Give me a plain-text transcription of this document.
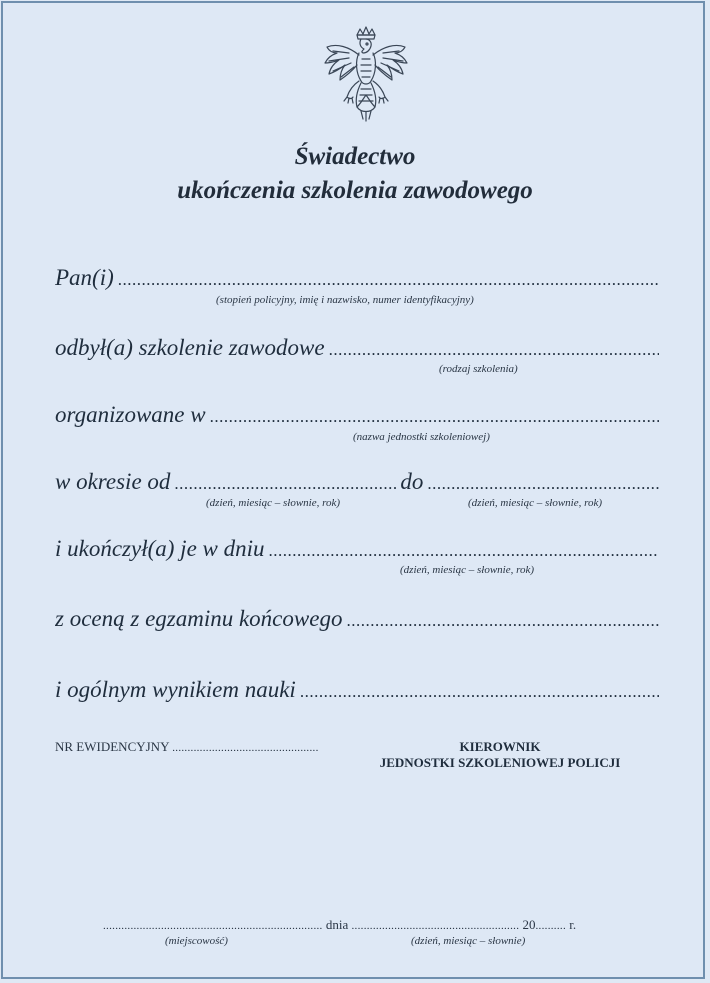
Świadectwo
ukończenia szkolenia zawodowego
Pan(i)
.....
(stopień policyjny, imię i nazwisko, numer identyfikacyjny)
odbył(a) szkolenie zawodowe
.....
(rodzaj szkolenia)
organizowane w
.....
(nazwa jednostki szkoleniowej)
w okresie od .....	do
.....
(dzień, miesiąc – słownie, rok)	(dzień, miesiąc – słownie, rok)
i ukończył(a) je w dniu
.....
(dzień, miesiąc – słownie, rok)
z oceną z egzaminu końcowego
.....
i ogólnym wynikiem nauki
.....
NR EWIDENCYJNY .....	KIEROWNIK
JEDNOSTKI SZKOLENIOWEJ POLICJI
..... dnia .....	20..... r.
(miejscowość)	(dzień, miesiąc – słownie)
